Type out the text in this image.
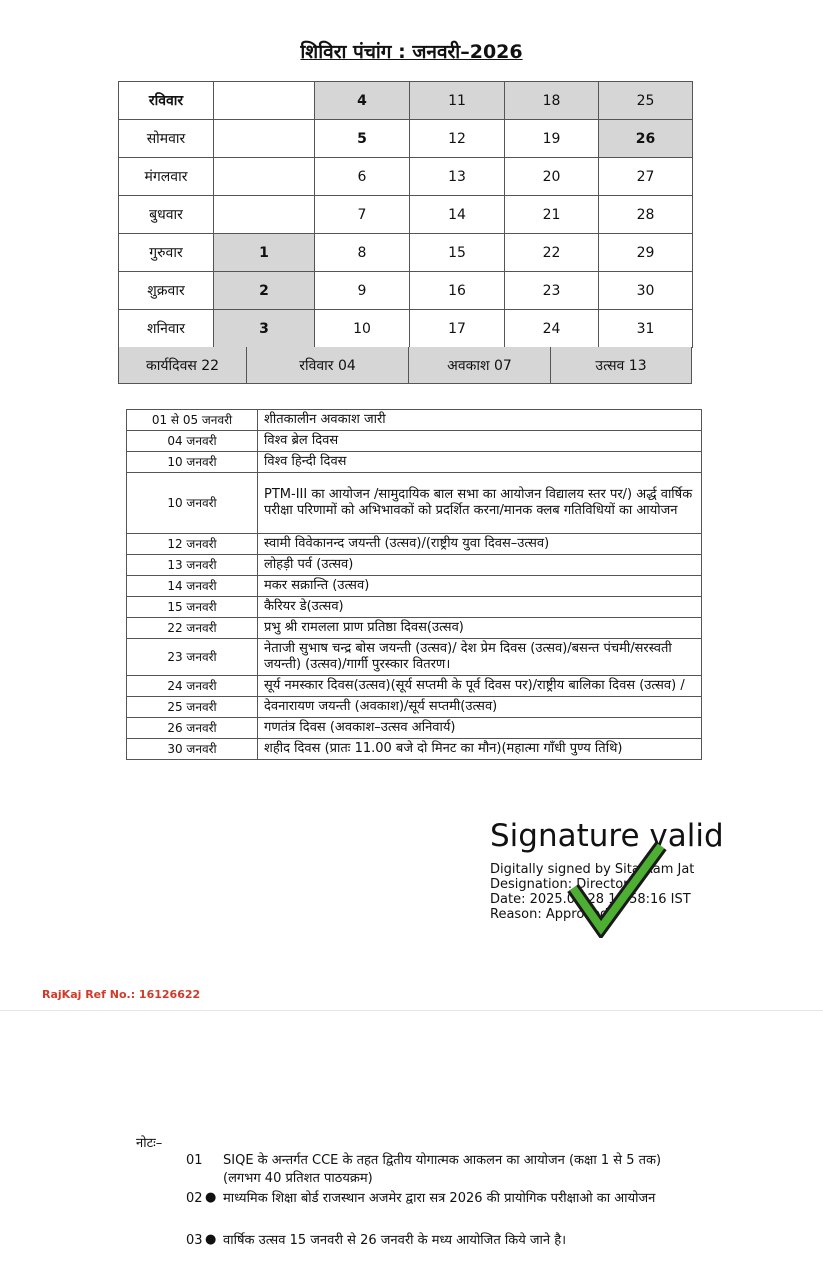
शिविरा पंचांग : जनवरी–2026
रविवार		4	11	18	25
सोमवार		5	12	19	26
मंगलवार		6	13	20	27
बुधवार		7	14	21	28
गुरुवार	1	8	15	22	29
शुक्रवार	2	9	16	23	30
शनिवार	3	10	17	24	31
कार्यदिवस 22	रविवार 04	अवकाश 07	उत्सव 13
01 से 05 जनवरी	शीतकालीन अवकाश जारी
04 जनवरी	विश्व ब्रेल दिवस
10 जनवरी	विश्व हिन्दी दिवस
10 जनवरी	PTM-III का आयोजन /सामुदायिक बाल सभा का आयोजन विद्यालय स्तर पर/) अर्द्ध वार्षिक परीक्षा परिणामों को अभिभावकों को प्रदर्शित करना/मानक क्लब गतिविधियों का आयोजन
12 जनवरी	स्वामी विवेकानन्द जयन्ती (उत्सव)/(राष्ट्रीय युवा दिवस–उत्सव)
13 जनवरी	लोहड़ी पर्व (उत्सव)
14 जनवरी	मकर सक्रान्ति (उत्सव)
15 जनवरी	कैरियर डे(उत्सव)
22 जनवरी	प्रभु श्री रामलला प्राण प्रतिष्ठा दिवस(उत्सव)
23 जनवरी	नेताजी सुभाष चन्द्र बोस जयन्ती (उत्सव)/ देश प्रेम दिवस (उत्सव)/बसन्त पंचमी/सरस्वती जयन्ती) (उत्सव)/गार्गी पुरस्कार वितरण।
24 जनवरी	सूर्य नमस्कार दिवस(उत्सव)(सूर्य सप्तमी के पूर्व दिवस पर)/राष्ट्रीय बालिका दिवस (उत्सव) /
25 जनवरी	देवनारायण जयन्ती (अवकाश)/सूर्य सप्तमी(उत्सव)
26 जनवरी	गणतंत्र दिवस (अवकाश–उत्सव अनिवार्य)
30 जनवरी	शहीद दिवस (प्रातः 11.00 बजे दो मिनट का मौन)(महात्मा गाँधी पुण्य तिथि)
Signature valid
Digitally signed by Sita Ram Jat
Designation: Director
Date: 2025.06.28 12:58:16 IST
Reason: Approved
RajKaj Ref No.: 16126622
नोटः–
01 SIQE के अन्तर्गत CCE के तहत द्वितीय योगात्मक आकलन का आयोजन (कक्षा 1 से 5 तक) (लगभग 40 प्रतिशत पाठयक्रम)
02 ● माध्यमिक शिक्षा बोर्ड राजस्थान अजमेर द्वारा सत्र 2026 की प्रायोगिक परीक्षाओ का आयोजन
03 ● वार्षिक उत्सव 15 जनवरी से 26 जनवरी के मध्य आयोजित किये जाने है।
